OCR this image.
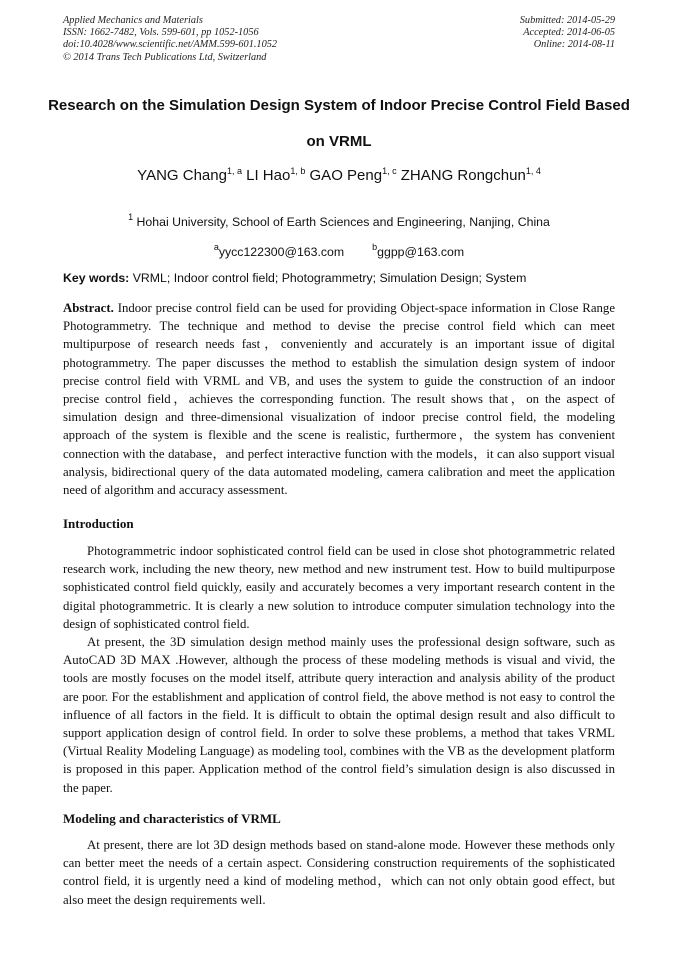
Applied Mechanics and Materials
ISSN: 1662-7482, Vols. 599-601, pp 1052-1056
doi:10.4028/www.scientific.net/AMM.599-601.1052
© 2014 Trans Tech Publications Ltd, Switzerland
Submitted: 2014-05-29
Accepted: 2014-06-05
Online: 2014-08-11
Research on the Simulation Design System of Indoor Precise Control Field Based on VRML
YANG Chang$^{1, a}$ LI Hao$^{1, b}$ GAO Peng$^{1, c}$ ZHANG Rongchun$^{1, 4}$
$^1$ Hohai University, School of Earth Sciences and Engineering, Nanjing, China
$^a$yycc122300@163.com	$^b$ggpp@163.com
Key words: VRML; Indoor control field; Photogrammetry; Simulation Design; System

Abstract. Indoor precise control field can be used for providing Object-space information in Close Range Photogrammetry. The technique and method to devise the precise control field which can meet multipurpose of research needs fast，conveniently and accurately is an important issue of digital photogrammetry. The paper discusses the method to establish the simulation design system of indoor precise control field with VRML and VB, and uses the system to guide the construction of an indoor precise control field，achieves the corresponding function. The result shows that，on the aspect of simulation design and three-dimensional visualization of indoor precise control field, the modeling approach of the system is flexible and the scene is realistic, furthermore，the system has convenient connection with the database，and perfect interactive function with the models，it can also support visual analysis, bidirectional query of the data automated modeling, camera calibration and meet the application need of algorithm and accuracy assessment.

Introduction

Photogrammetric indoor sophisticated control field can be used in close shot photogrammetric related research work, including the new theory, new method and new instrument test. How to build multipurpose sophisticated control field quickly, easily and accurately becomes a very important research content in the digital photogrammetric. It is clearly a new solution to introduce computer simulation technology into the design of sophisticated control field.

At present, the 3D simulation design method mainly uses the professional design software, such as AutoCAD 3D MAX .However, although the process of these modeling methods is visual and vivid, the tools are mostly focuses on the model itself, attribute query interaction and analysis ability of the product are poor. For the establishment and application of control field, the above method is not easy to control the influence of all factors in the field. It is difficult to obtain the optimal design result and also difficult to support application design of control field. In order to solve these problems, a method that takes VRML (Virtual Reality Modeling Language) as modeling tool, combines with the VB as the development platform is proposed in this paper. Application method of the control field’s simulation design is also discussed in the paper.

Modeling and characteristics of VRML

At present, there are lot 3D design methods based on stand-alone mode. However these methods only can better meet the needs of a certain aspect. Considering construction requirements of the sophisticated control field, it is urgently need a kind of modeling method，which can not only obtain good effect, but also meet the design requirements well.
